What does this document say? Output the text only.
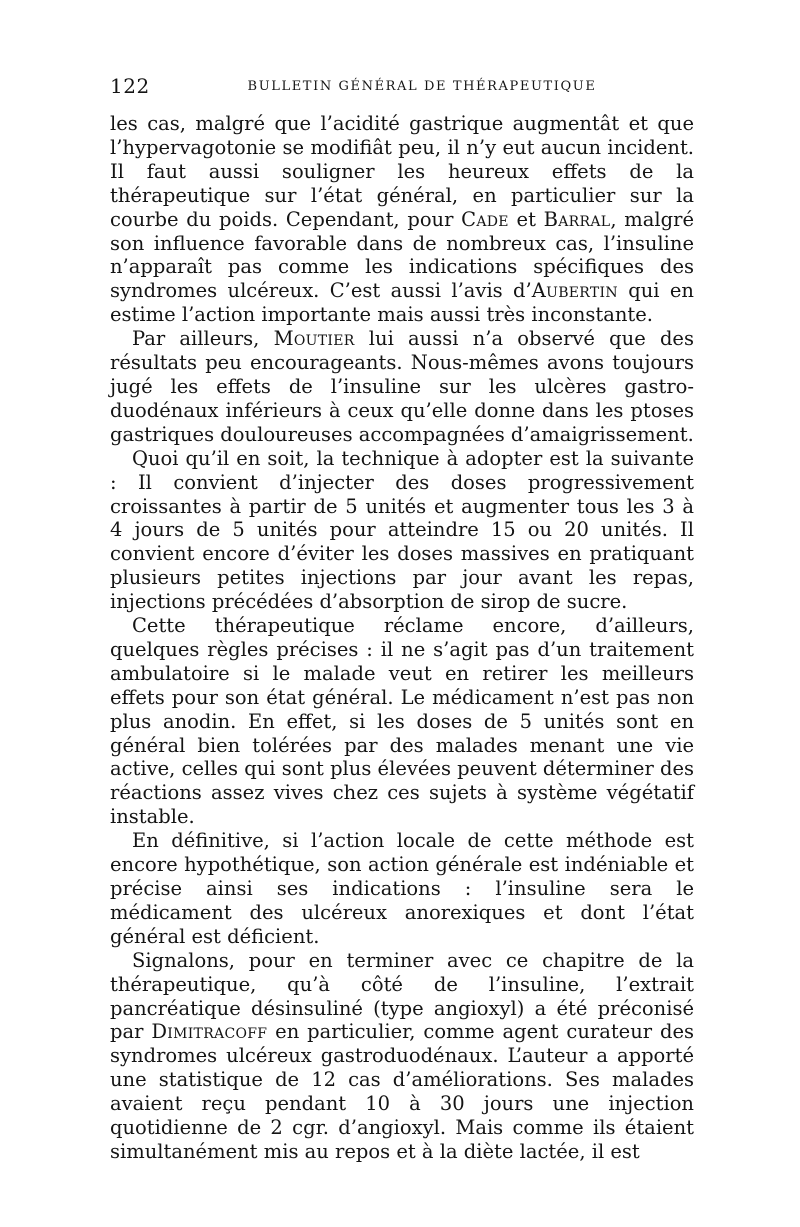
122	BULLETIN GÉNÉRAL DE THÉRAPEUTIQUE

les cas, malgré que l’acidité gastrique augmentât et que l’hypervagotonie se modifiât peu, il n’y eut aucun incident. Il faut aussi souligner les heureux effets de la thérapeutique sur l’état général, en particulier sur la courbe du poids. Cependant, pour Cade et Barral, malgré son influence favorable dans de nombreux cas, l’insuline n’apparaît pas comme les indications spécifiques des syndromes ulcéreux. C’est aussi l’avis d’Aubertin qui en estime l’action importante mais aussi très inconstante.

Par ailleurs, Moutier lui aussi n’a observé que des résultats peu encourageants. Nous-mêmes avons toujours jugé les effets de l’insuline sur les ulcères gastro-duodénaux inférieurs à ceux qu’elle donne dans les ptoses gastriques douloureuses accompagnées d’amaigrissement.

Quoi qu’il en soit, la technique à adopter est la suivante : Il convient d’injecter des doses progressivement croissantes à partir de 5 unités et augmenter tous les 3 à 4 jours de 5 unités pour atteindre 15 ou 20 unités. Il convient encore d’éviter les doses massives en pratiquant plusieurs petites injections par jour avant les repas, injections précédées d’absorption de sirop de sucre.

Cette thérapeutique réclame encore, d’ailleurs, quelques règles précises : il ne s’agit pas d’un traitement ambulatoire si le malade veut en retirer les meilleurs effets pour son état général. Le médicament n’est pas non plus anodin. En effet, si les doses de 5 unités sont en général bien tolérées par des malades menant une vie active, celles qui sont plus élevées peuvent déterminer des réactions assez vives chez ces sujets à système végétatif instable.

En définitive, si l’action locale de cette méthode est encore hypothétique, son action générale est indéniable et précise ainsi ses indications : l’insuline sera le médicament des ulcéreux anorexiques et dont l’état général est déficient.

Signalons, pour en terminer avec ce chapitre de la thérapeutique, qu’à côté de l’insuline, l’extrait pancréatique désinsuliné (type angioxyl) a été préconisé par Dimitracoff en particulier, comme agent curateur des syndromes ulcéreux gastroduodénaux. L’auteur a apporté une statistique de 12 cas d’améliorations. Ses malades avaient reçu pendant 10 à 30 jours une injection quotidienne de 2 cgr. d’angioxyl. Mais comme ils étaient simultanément mis au repos et à la diète lactée, il est
